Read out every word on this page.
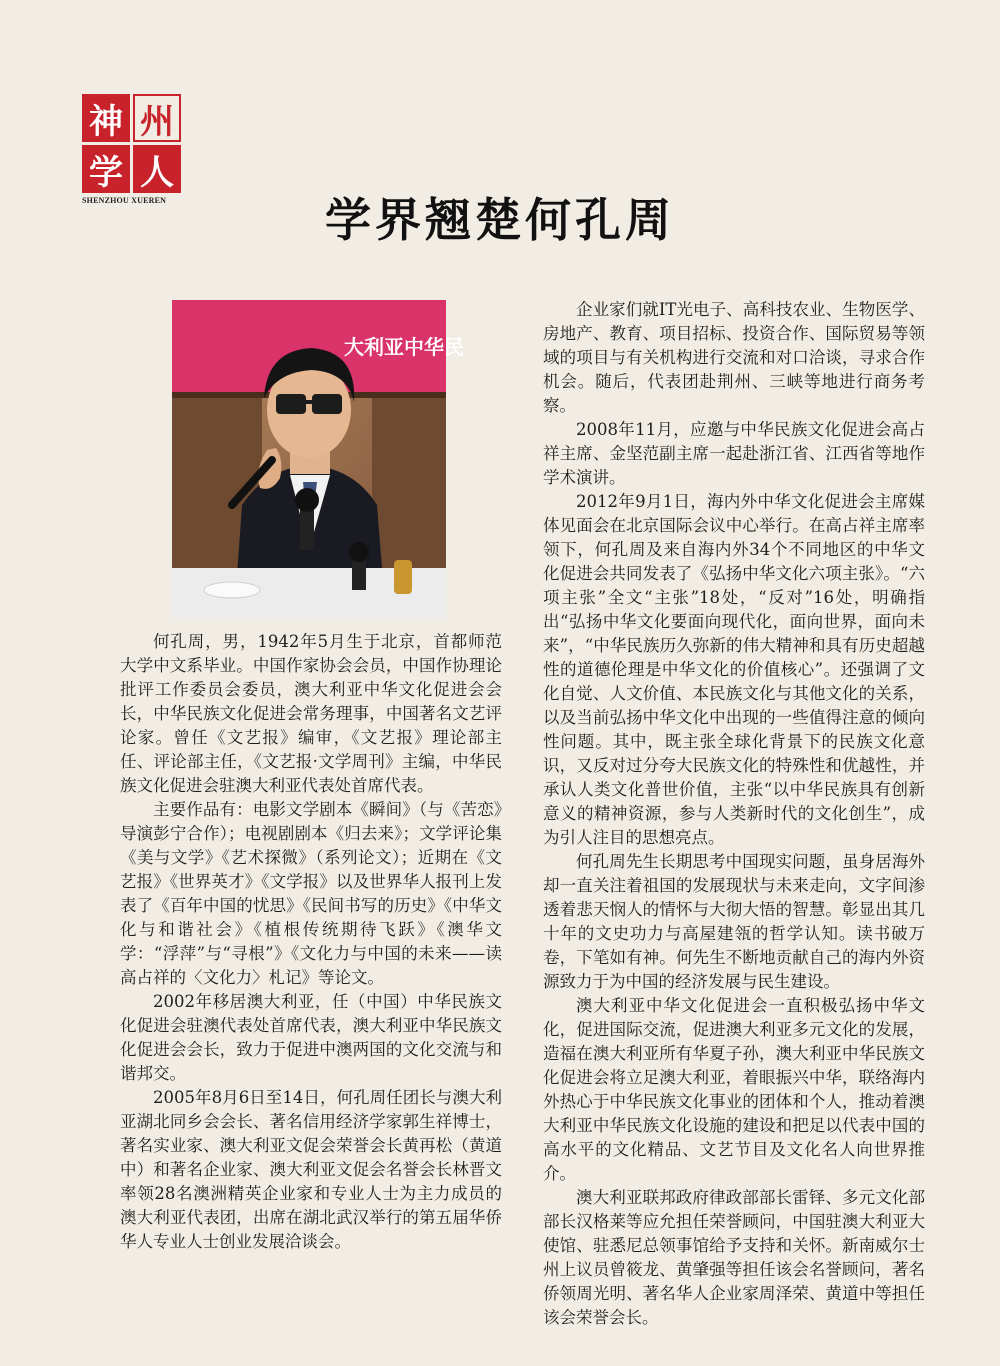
神 州
学 人
SHENZHOU XUEREN	学界翘楚何孔周
大利亚中华民

何孔周，男，1942年5月生于北京，首都师范大学中文系毕业。中国作家协会会员，中国作协理论批评工作委员会委员，澳大利亚中华文化促进会会长，中华民族文化促进会常务理事，中国著名文艺评论家。曾任《文艺报》编审，《文艺报》理论部主任、评论部主任，《文艺报·文学周刊》主编，中华民族文化促进会驻澳大利亚代表处首席代表。

主要作品有：电影文学剧本《瞬间》（与《苦恋》导演彭宁合作）；电视剧剧本《归去来》；文学评论集《美与文学》《艺术探微》（系列论文）；近期在《文艺报》《世界英才》《文学报》以及世界华人报刊上发表了《百年中国的忧思》《民间书写的历史》《中华文化与和谐社会》《植根传统期待飞跃》《澳华文学：“浮萍”与“寻根”》《文化力与中国的未来——读高占祥的〈文化力〉札记》等论文。

2002年移居澳大利亚，任（中国）中华民族文化促进会驻澳代表处首席代表，澳大利亚中华民族文化促进会会长，致力于促进中澳两国的文化交流与和谐邦交。

2005年8月6日至14日，何孔周任团长与澳大利亚湖北同乡会会长、著名信用经济学家郭生祥博士，著名实业家、澳大利亚文促会荣誉会长黄再松（黄道中）和著名企业家、澳大利亚文促会名誉会长林晋文率领28名澳洲精英企业家和专业人士为主力成员的澳大利亚代表团，出席在湖北武汉举行的第五届华侨华人专业人士创业发展洽谈会。

企业家们就IT光电子、高科技农业、生物医学、房地产、教育、项目招标、投资合作、国际贸易等领域的项目与有关机构进行交流和对口洽谈，寻求合作机会。随后，代表团赴荆州、三峡等地进行商务考察。

2008年11月，应邀与中华民族文化促进会高占祥主席、金坚范副主席一起赴浙江省、江西省等地作学术演讲。

2012年9月1日，海内外中华文化促进会主席媒体见面会在北京国际会议中心举行。在高占祥主席率领下，何孔周及来自海内外34个不同地区的中华文化促进会共同发表了《弘扬中华文化六项主张》。“六项主张”全文“主张”18处，“反对”16处，明确指出“弘扬中华文化要面向现代化，面向世界，面向未来”，“中华民族历久弥新的伟大精神和具有历史超越性的道德伦理是中华文化的价值核心”。还强调了文化自觉、人文价值、本民族文化与其他文化的关系，以及当前弘扬中华文化中出现的一些值得注意的倾向性问题。其中，既主张全球化背景下的民族文化意识，又反对过分夸大民族文化的特殊性和优越性，并承认人类文化普世价值，主张“以中华民族具有创新意义的精神资源，参与人类新时代的文化创生”，成为引人注目的思想亮点。

何孔周先生长期思考中国现实问题，虽身居海外却一直关注着祖国的发展现状与未来走向，文字间渗透着悲天悯人的情怀与大彻大悟的智慧。彰显出其几十年的文史功力与高屋建瓴的哲学认知。读书破万卷，下笔如有神。何先生不断地贡献自己的海内外资源致力于为中国的经济发展与民生建设。

澳大利亚中华文化促进会一直积极弘扬中华文化，促进国际交流，促进澳大利亚多元文化的发展，造福在澳大利亚所有华夏子孙，澳大利亚中华民族文化促进会将立足澳大利亚，着眼振兴中华，联络海内外热心于中华民族文化事业的团体和个人，推动着澳大利亚中华民族文化设施的建设和把足以代表中国的高水平的文化精品、文艺节目及文化名人向世界推介。

澳大利亚联邦政府律政部部长雷铎、多元文化部部长汉格莱等应允担任荣誉顾问，中国驻澳大利亚大使馆、驻悉尼总领事馆给予支持和关怀。新南威尔士州上议员曾筱龙、黄肇强等担任该会名誉顾问，著名侨领周光明、著名华人企业家周泽荣、黄道中等担任该会荣誉会长。
